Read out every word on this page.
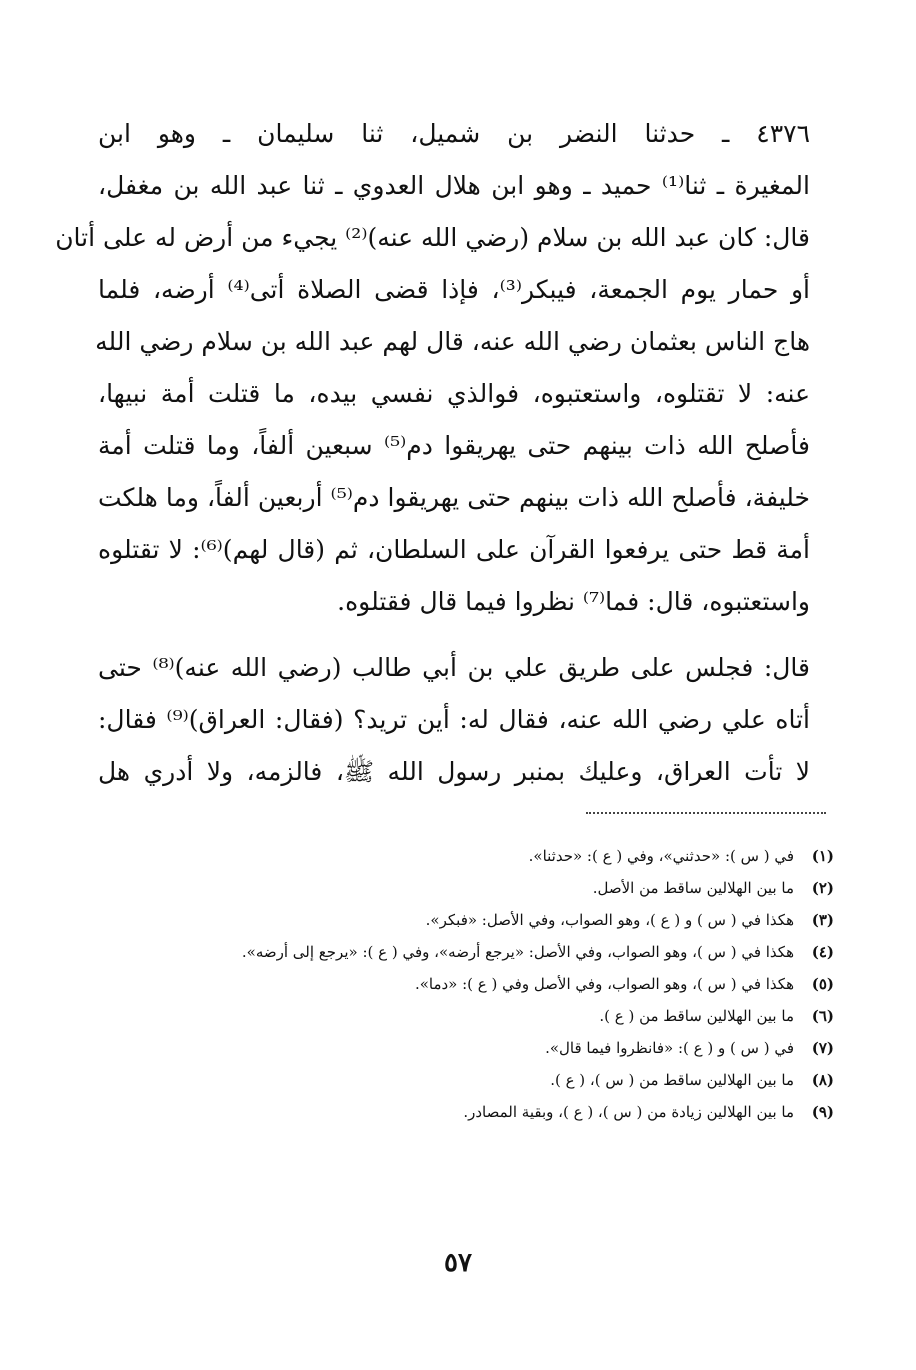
٤٣٧٦ ـ حدثنا النضر بن شميل، ثنا سليمان ـ وهو ابن
المغيرة ـ ثنا⁽¹⁾ حميد ـ وهو ابن هلال العدوي ـ ثنا عبد الله بن مغفل،
قال: كان عبد الله بن سلام (رضي الله عنه)⁽²⁾ يجيء من أرض له على أتان
أو حمار يوم الجمعة، فيبكر⁽³⁾، فإذا قضى الصلاة أتى⁽⁴⁾ أرضه، فلما
هاج الناس بعثمان رضي الله عنه، قال لهم عبد الله بن سلام رضي الله
عنه: لا تقتلوه، واستعتبوه، فوالذي نفسي بيده، ما قتلت أمة نبيها،
فأصلح الله ذات بينهم حتى يهريقوا دم⁽⁵⁾ سبعين ألفاً، وما قتلت أمة
خليفة، فأصلح الله ذات بينهم حتى يهريقوا دم⁽⁵⁾ أربعين ألفاً، وما هلكت
أمة قط حتى يرفعوا القرآن على السلطان، ثم (قال لهم)⁽⁶⁾: لا تقتلوه
واستعتبوه، قال: فما⁽⁷⁾ نظروا فيما قال فقتلوه.
قال: فجلس على طريق علي بن أبي طالب (رضي الله عنه)⁽⁸⁾ حتى
أتاه علي رضي الله عنه، فقال له: أين تريد؟ (فقال: العراق)⁽⁹⁾ فقال:
لا تأت العراق، وعليك بمنبر رسول الله ﷺ، فالزمه، ولا أدري هل
(١)
في ( س ): «حدثني»، وفي ( ع ): «حدثنا».
(٢)
ما بين الهلالين ساقط من الأصل.
(٣)
هكذا في ( س ) و ( ع )، وهو الصواب، وفي الأصل: «فبكر».
(٤)
هكذا في ( س )، وهو الصواب، وفي الأصل: «يرجع أرضه»، وفي ( ع ): «يرجع إلى أرضه».
(٥)
هكذا في ( س )، وهو الصواب، وفي الأصل وفي ( ع ): «دما».
(٦)
ما بين الهلالين ساقط من ( ع ).
(٧)
في ( س ) و ( ع ): «فانظروا فيما قال».
(٨)
ما بين الهلالين ساقط من ( س )، ( ع ).
(٩)
ما بين الهلالين زيادة من ( س )، ( ع )، وبقية المصادر.
٥٧
